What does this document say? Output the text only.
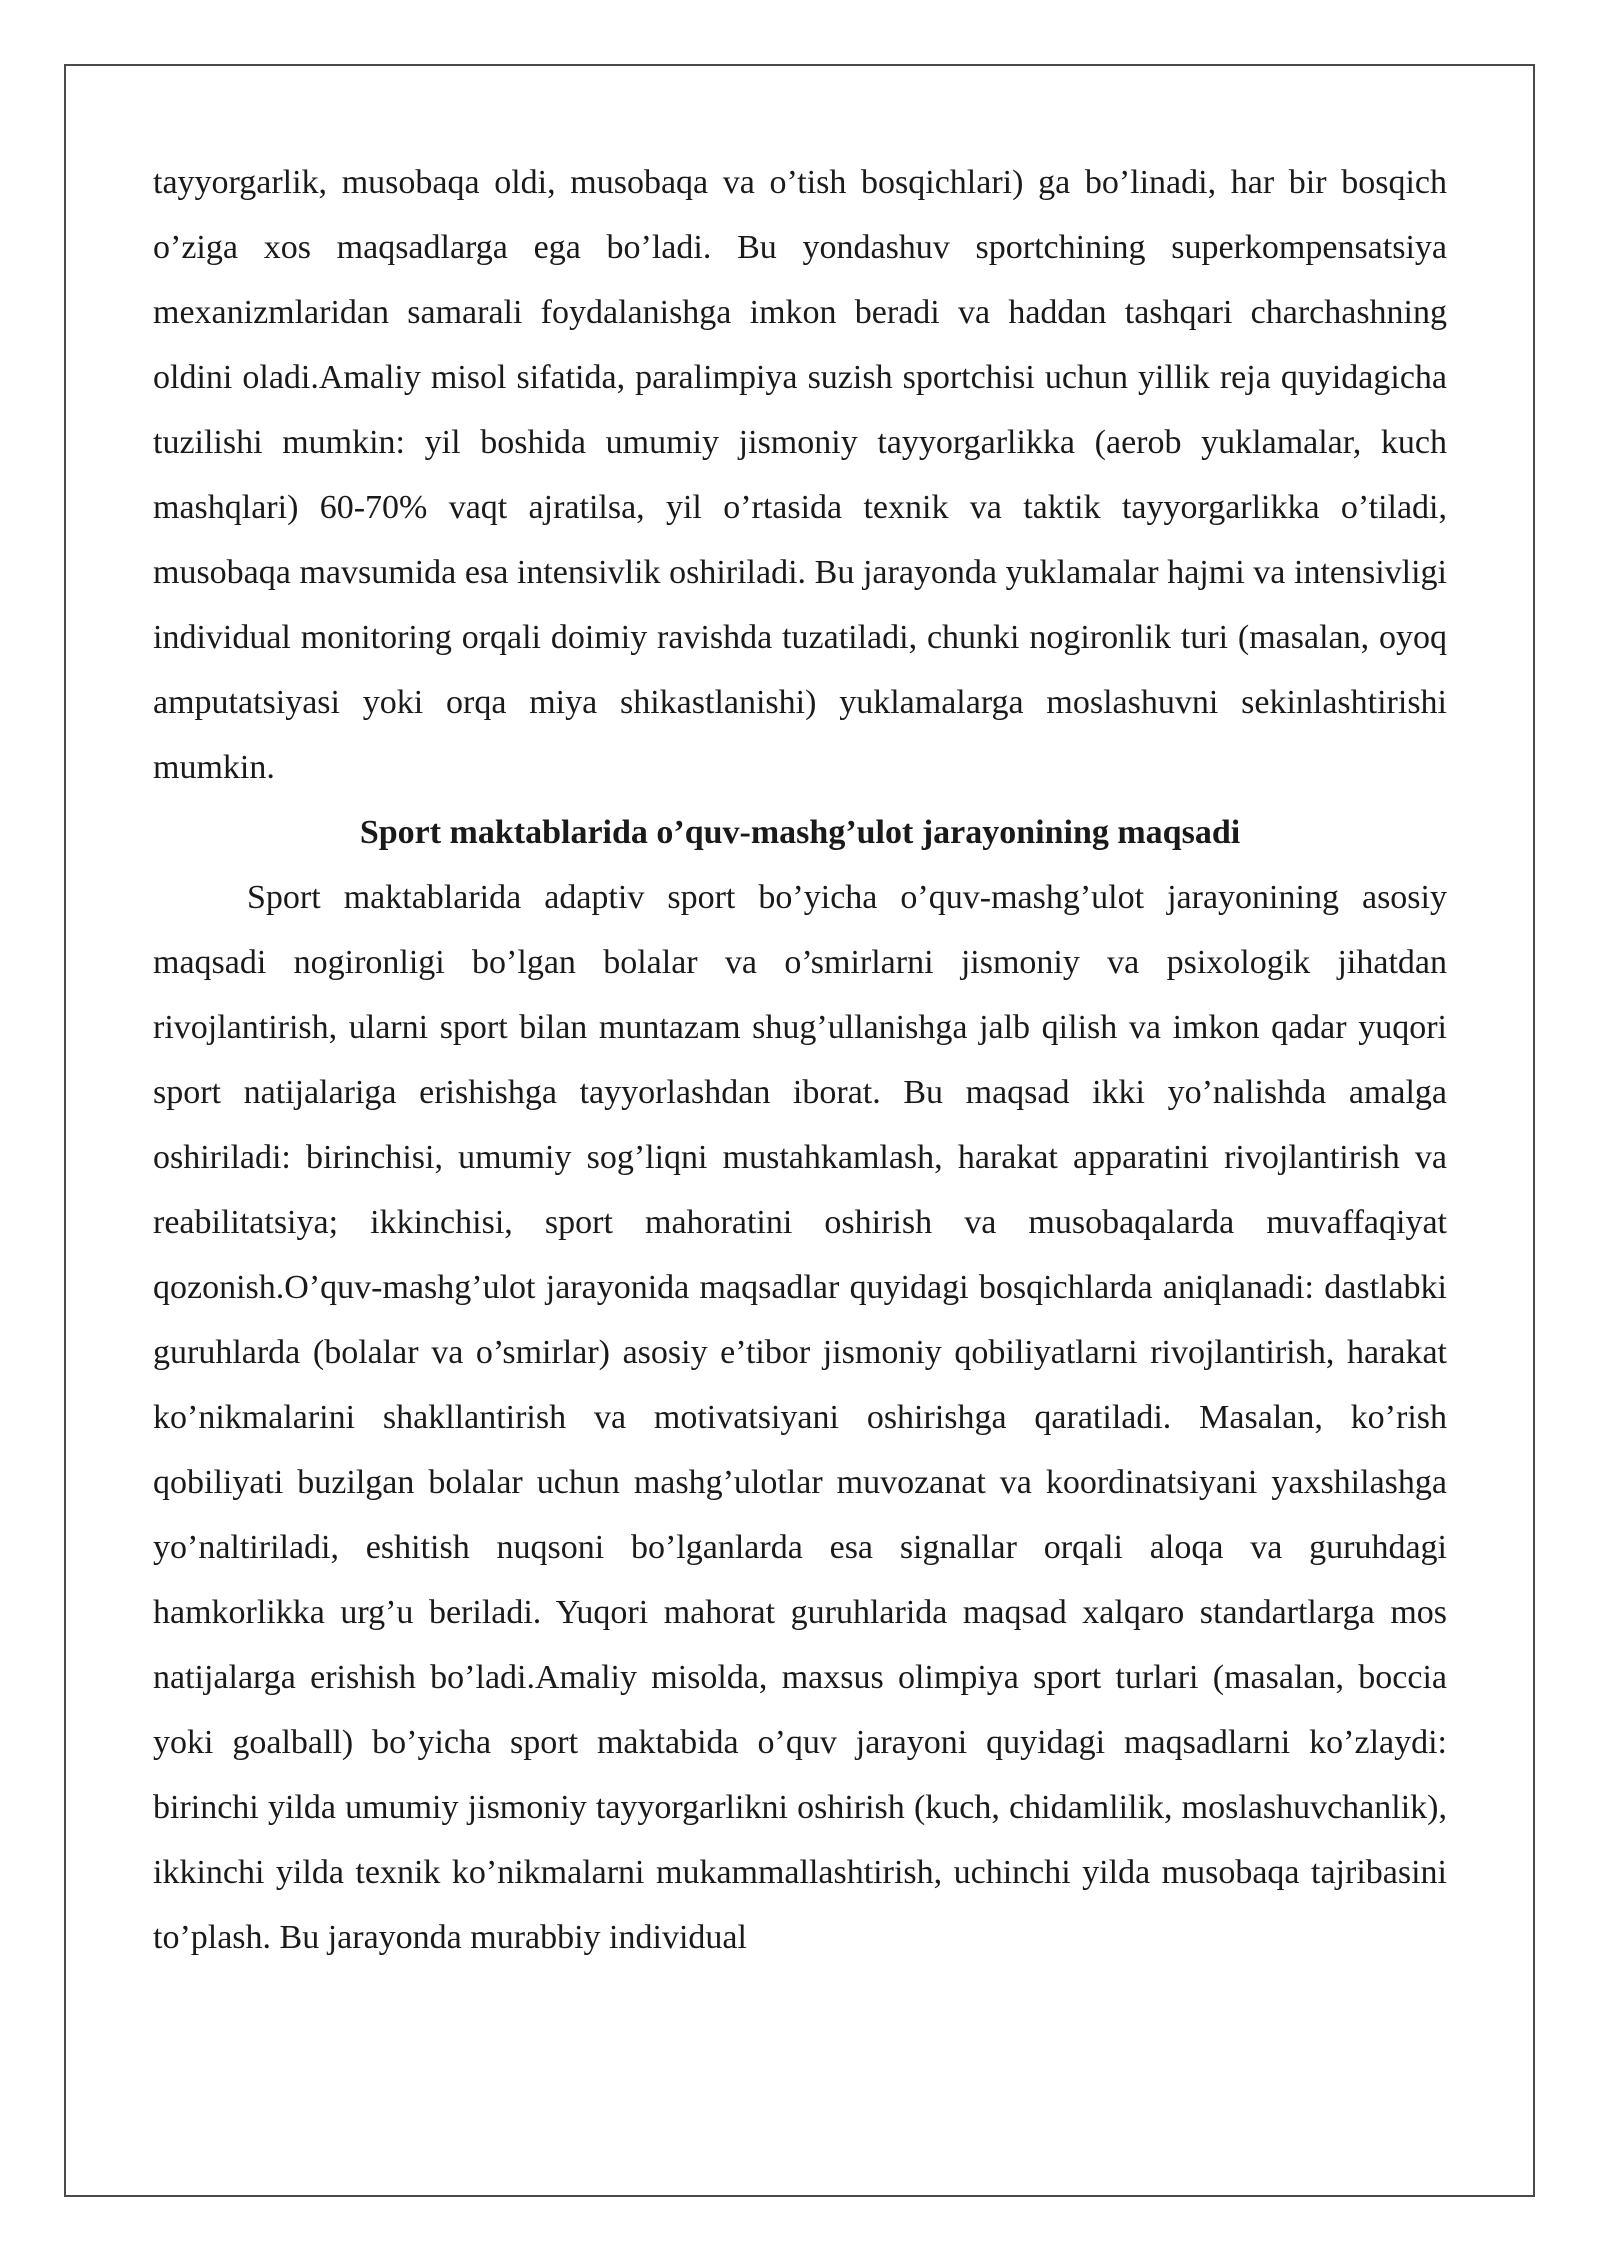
tayyorgarlik, musobaqa oldi, musobaqa va o’tish bosqichlari) ga bo’linadi, har bir bosqich o’ziga xos maqsadlarga ega bo’ladi. Bu yondashuv sportchining superkompensatsiya mexanizmlaridan samarali foydalanishga imkon beradi va haddan tashqari charchashning oldini oladi.Amaliy misol sifatida, paralimpiya suzish sportchisi uchun yillik reja quyidagicha tuzilishi mumkin: yil boshida umumiy jismoniy tayyorgarlikka (aerob yuklamalar, kuch mashqlari) 60-70% vaqt ajratilsa, yil o’rtasida texnik va taktik tayyorgarlikka o’tiladi, musobaqa mavsumida esa intensivlik oshiriladi. Bu jarayonda yuklamalar hajmi va intensivligi individual monitoring orqali doimiy ravishda tuzatiladi, chunki nogironlik turi (masalan, oyoq amputatsiyasi yoki orqa miya shikastlanishi) yuklamalarga moslashuvni sekinlashtirishi mumkin.

Sport maktablarida o’quv-mashg’ulot jarayonining maqsadi

Sport maktablarida adaptiv sport bo’yicha o’quv-mashg’ulot jarayonining asosiy maqsadi nogironligi bo’lgan bolalar va o’smirlarni jismoniy va psixologik jihatdan rivojlantirish, ularni sport bilan muntazam shug’ullanishga jalb qilish va imkon qadar yuqori sport natijalariga erishishga tayyorlashdan iborat. Bu maqsad ikki yo’nalishda amalga oshiriladi: birinchisi, umumiy sog’liqni mustahkamlash, harakat apparatini rivojlantirish va reabilitatsiya; ikkinchisi, sport mahoratini oshirish va musobaqalarda muvaffaqiyat qozonish.O’quv-mashg’ulot jarayonida maqsadlar quyidagi bosqichlarda aniqlanadi: dastlabki guruhlarda (bolalar va o’smirlar) asosiy e’tibor jismoniy qobiliyatlarni rivojlantirish, harakat ko’nikmalarini shakllantirish va motivatsiyani oshirishga qaratiladi. Masalan, ko’rish qobiliyati buzilgan bolalar uchun mashg’ulotlar muvozanat va koordinatsiyani yaxshilashga yo’naltiriladi, eshitish nuqsoni bo’lganlarda esa signallar orqali aloqa va guruhdagi hamkorlikka urg’u beriladi. Yuqori mahorat guruhlarida maqsad xalqaro standartlarga mos natijalarga erishish bo’ladi.Amaliy misolda, maxsus olimpiya sport turlari (masalan, boccia yoki goalball) bo’yicha sport maktabida o’quv jarayoni quyidagi maqsadlarni ko’zlaydi: birinchi yilda umumiy jismoniy tayyorgarlikni oshirish (kuch, chidamlilik, moslashuvchanlik), ikkinchi yilda texnik ko’nikmalarni mukammallashtirish, uchinchi yilda musobaqa tajribasini to’plash. Bu jarayonda murabbiy individual
